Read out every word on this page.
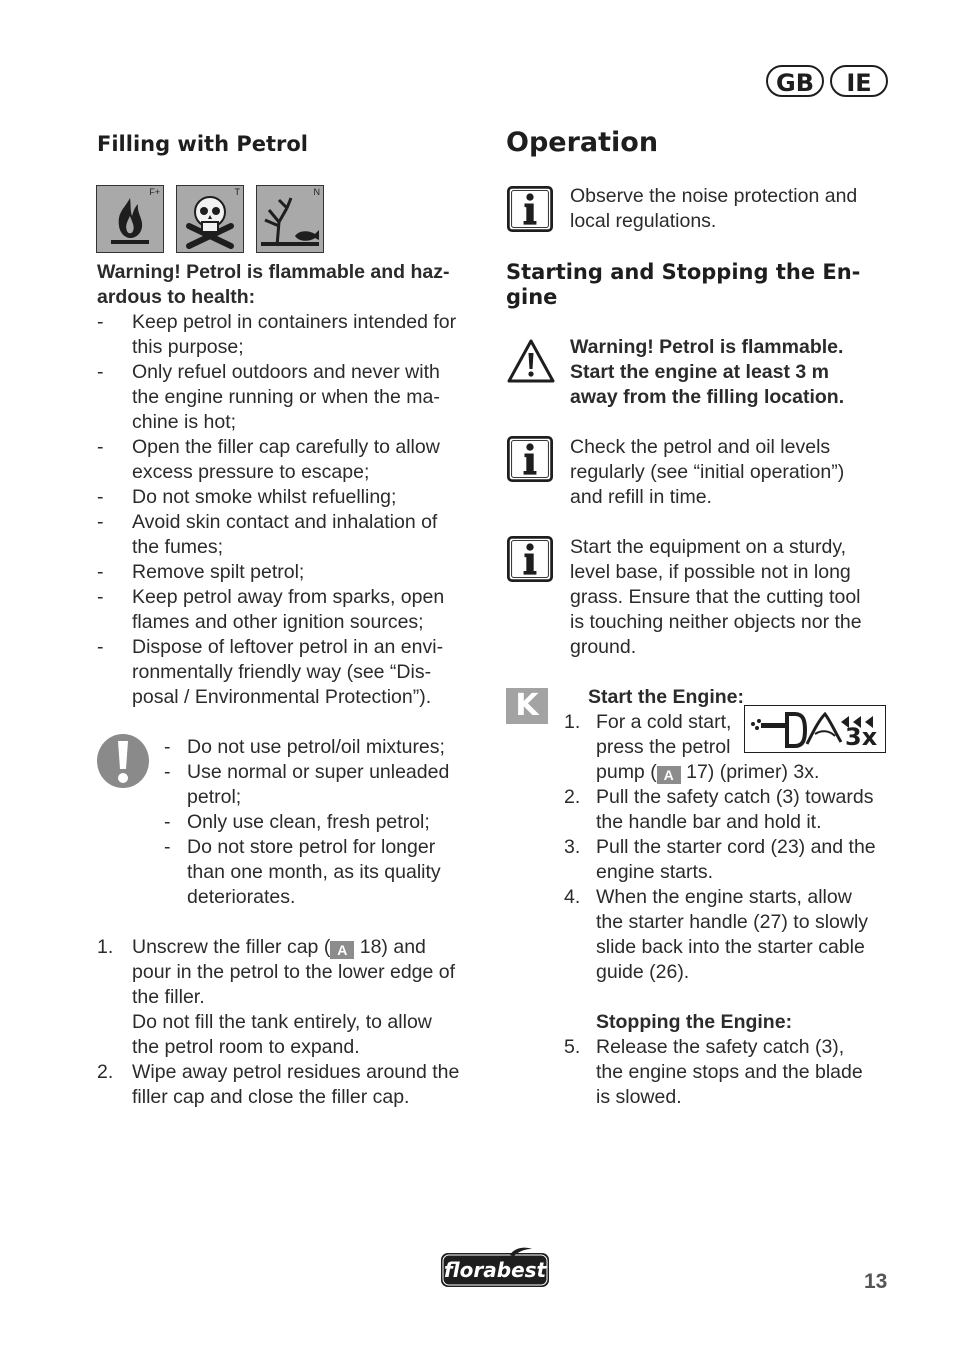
GB	IE
Filling with Petrol
F+	T	N
Warning! Petrol is flammable and haz-
ardous to health:
- Keep petrol in containers intended for
this purpose;
- Only refuel outdoors and never with
the engine running or when the ma-
chine is hot;
- Open the filler cap carefully to allow
excess pressure to escape;
- Do not smoke whilst refuelling;
- Avoid skin contact and inhalation of
the fumes;
- Remove spilt petrol;
- Keep petrol away from sparks, open
flames and other ignition sources;
- Dispose of leftover petrol in an envi-
ronmentally friendly way (see “Dis-
posal / Environmental Protection”).
- Do not use petrol/oil mixtures;
- Use normal or super unleaded
petrol;
- Only use clean, fresh petrol;
- Do not store petrol for longer
than one month, as its quality
deteriorates.
1. Unscrew the filler cap ( A 18) and
pour in the petrol to the lower edge of
the filler.
Do not fill the tank entirely, to allow
the petrol room to expand.
2. Wipe away petrol residues around the
filler cap and close the filler cap.
Operation
Observe the noise protection and
local regulations.
Starting and Stopping the En-
gine
Warning! Petrol is flammable.
Start the engine at least 3 m
away from the filling location.
Check the petrol and oil levels
regularly (see “initial operation”)
and refill in time.
Start the equipment on a sturdy,
level base, if possible not in long
grass. Ensure that the cutting tool
is touching neither objects nor the
ground.
K	Start the Engine:
1. For a cold start,
press the petrol
pump ( A 17) (primer) 3x.
2. Pull the safety catch (3) towards
the handle bar and hold it.
3. Pull the starter cord (23) and the
engine starts.
4. When the engine starts, allow
the starter handle (27) to slowly
slide back into the starter cable
guide (26).
3x
Stopping the Engine:
5. Release the safety catch (3),
the engine stops and the blade
is slowed.
florabest	13
